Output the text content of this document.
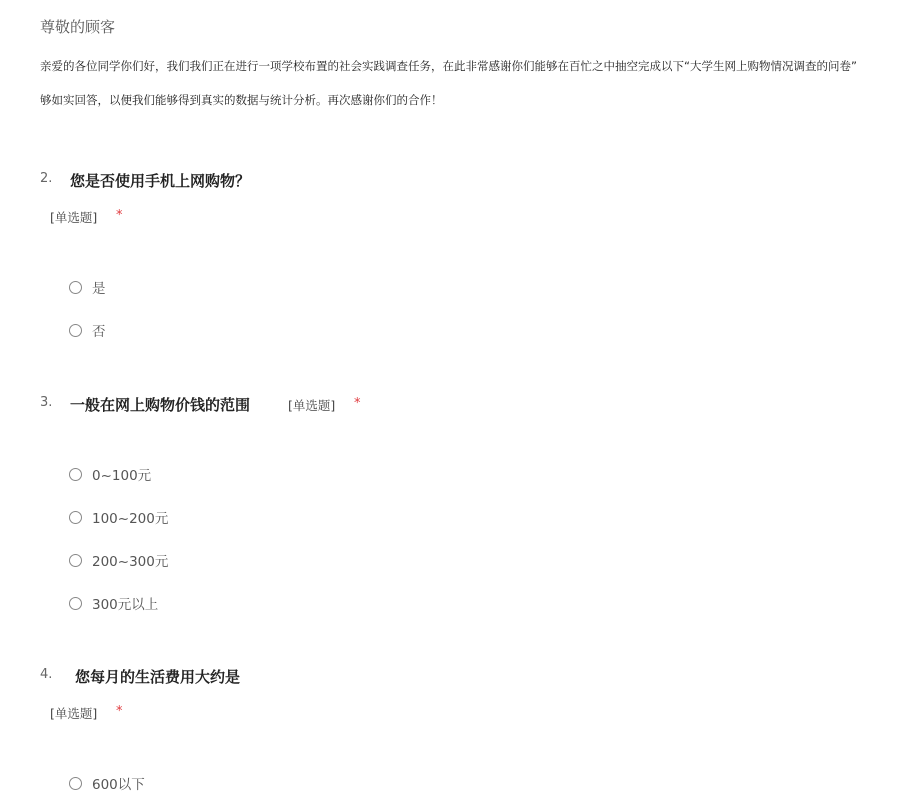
尊敬的顾客
亲爱的各位同学你们好，我们我们正在进行一项学校布置的社会实践调查任务，在此非常感谢你们能够在百忙之中抽空完成以下“大学生网上购物情况调查的问卷”
够如实回答，以便我们能够得到真实的数据与统计分析。再次感谢你们的合作！
2. 您是否使用手机上网购物？
[单选题] *
是
否
3. 一般在网上购物价钱的范围	[单选题] *
0~100元
100~200元
200~300元
300元以上
4. 您每月的生活费用大约是
[单选题] *
600以下
